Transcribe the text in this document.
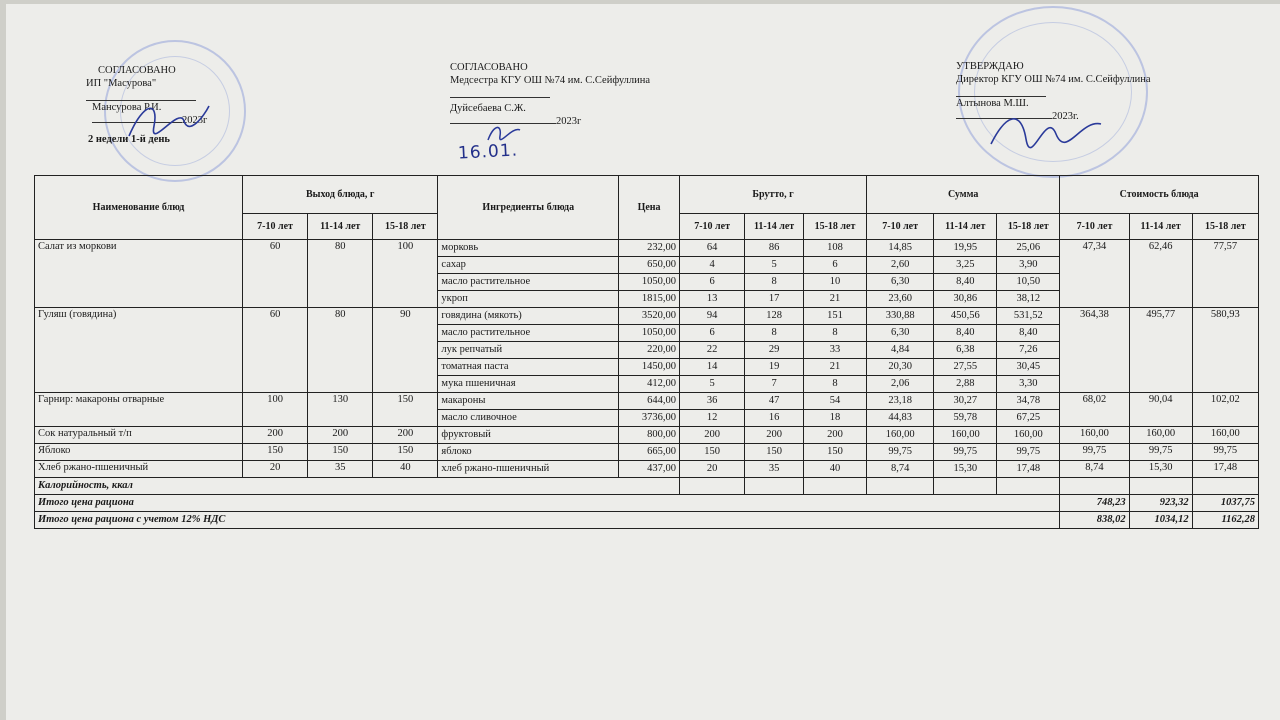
СОГЛАСОВАНО
ИП "Масурова"
Мансурова Р.И.
2023г
2 недели 1-й день
СОГЛАСОВАНО
Медсестра КГУ ОШ №74 им. С.Сейфуллина
Дуйсебаева С.Ж.
2023г
16.01.
УТВЕРЖДАЮ
Директор КГУ ОШ №74 им. С.Сейфуллина
Алтынова М.Ш.
2023г.
Наименование блюд	Выход блюда, г			Ингредиенты блюда	Цена	Брутто, г			Сумма			Стоимость блюда		
	7-10 лет	11-14 лет	15-18 лет			7-10 лет	11-14 лет	15-18 лет	7-10 лет	11-14 лет	15-18 лет	7-10 лет	11-14 лет	15-18 лет
Салат из моркови	60	80	100	морковь	232,00	64	86	108	14,85	19,95	25,06	47,34	62,46	77,57
				сахар	650,00	4	5	6	2,60	3,25	3,90			
				масло растительное	1050,00	6	8	10	6,30	8,40	10,50			
				укроп	1815,00	13	17	21	23,60	30,86	38,12			
Гуляш (говядина)	60	80	90	говядина (мякоть)	3520,00	94	128	151	330,88	450,56	531,52	364,38	495,77	580,93
				масло растительное	1050,00	6	8	8	6,30	8,40	8,40			
				лук репчатый	220,00	22	29	33	4,84	6,38	7,26			
				томатная паста	1450,00	14	19	21	20,30	27,55	30,45			
				мука пшеничная	412,00	5	7	8	2,06	2,88	3,30			
Гарнир: макароны отварные	100	130	150	макароны	644,00	36	47	54	23,18	30,27	34,78	68,02	90,04	102,02
				масло сливочное	3736,00	12	16	18	44,83	59,78	67,25			
Сок натуральный т/п	200	200	200	фруктовый	800,00	200	200	200	160,00	160,00	160,00	160,00	160,00	160,00
Яблоко	150	150	150	яблоко	665,00	150	150	150	99,75	99,75	99,75	99,75	99,75	99,75
Хлеб ржано-пшеничный	20	35	40	хлеб ржано-пшеничный	437,00	20	35	40	8,74	15,30	17,48	8,74	15,30	17,48
Калорийность, ккал														
Итого цена рациона												748,23	923,32	1037,75
Итого цена рациона с учетом 12% НДС												838,02	1034,12	1162,28
